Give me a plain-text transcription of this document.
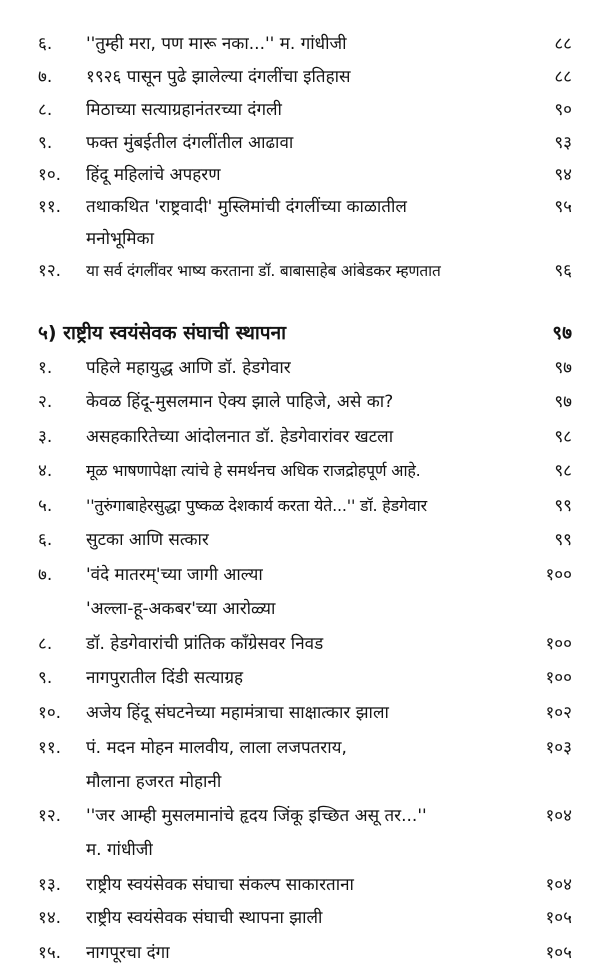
६. ''तुम्ही मरा, पण मारू नका...'' म. गांधीजी	८८
७. १९२६ पासून पुढे झालेल्या दंगलींचा इतिहास	८८
८. मिठाच्या सत्याग्रहानंतरच्या दंगली	९०
९. फक्त मुंबईतील दंगलींतील आढावा	९३
१०. हिंदू महिलांचे अपहरण	९४
११. तथाकथित 'राष्ट्रवादी' मुस्लिमांची दंगलींच्या काळातील	९५
मनोभूमिका
१२. या सर्व दंगलींवर भाष्य करताना डॉ. बाबासाहेब आंबेडकर म्हणतात	९६
५) राष्ट्रीय स्वयंसेवक संघाची स्थापना	९७
१. पहिले महायुद्ध आणि डॉ. हेडगेवार	९७
२. केवळ हिंदू-मुसलमान ऐक्य झाले पाहिजे, असे का?	९७
३. असहकारितेच्या आंदोलनात डॉ. हेडगेवारांवर खटला	९८
४. मूळ भाषणापेक्षा त्यांचे हे समर्थनच अधिक राजद्रोहपूर्ण आहे.	९८
५. ''तुरुंगाबाहेरसुद्धा पुष्कळ देशकार्य करता येते...'' डॉ. हेडगेवार	९९
६. सुटका आणि सत्कार	९९
७. 'वंदे मातरम्'च्या जागी आल्या	१००
'अल्ला-हू-अकबर'च्या आरोळ्या
८. डॉ. हेडगेवारांची प्रांतिक काँग्रेसवर निवड	१००
९. नागपुरातील दिंडी सत्याग्रह	१००
१०. अजेय हिंदू संघटनेच्या महामंत्राचा साक्षात्कार झाला	१०२
११. पं. मदन मोहन मालवीय, लाला लजपतराय,	१०३
मौलाना हजरत मोहानी
१२. ''जर आम्ही मुसलमानांचे हृदय जिंकू इच्छित असू तर...''	१०४
म. गांधीजी
१३. राष्ट्रीय स्वयंसेवक संघाचा संकल्प साकारताना	१०४
१४. राष्ट्रीय स्वयंसेवक संघाची स्थापना झाली	१०५
१५. नागपूरचा दंगा	१०५
